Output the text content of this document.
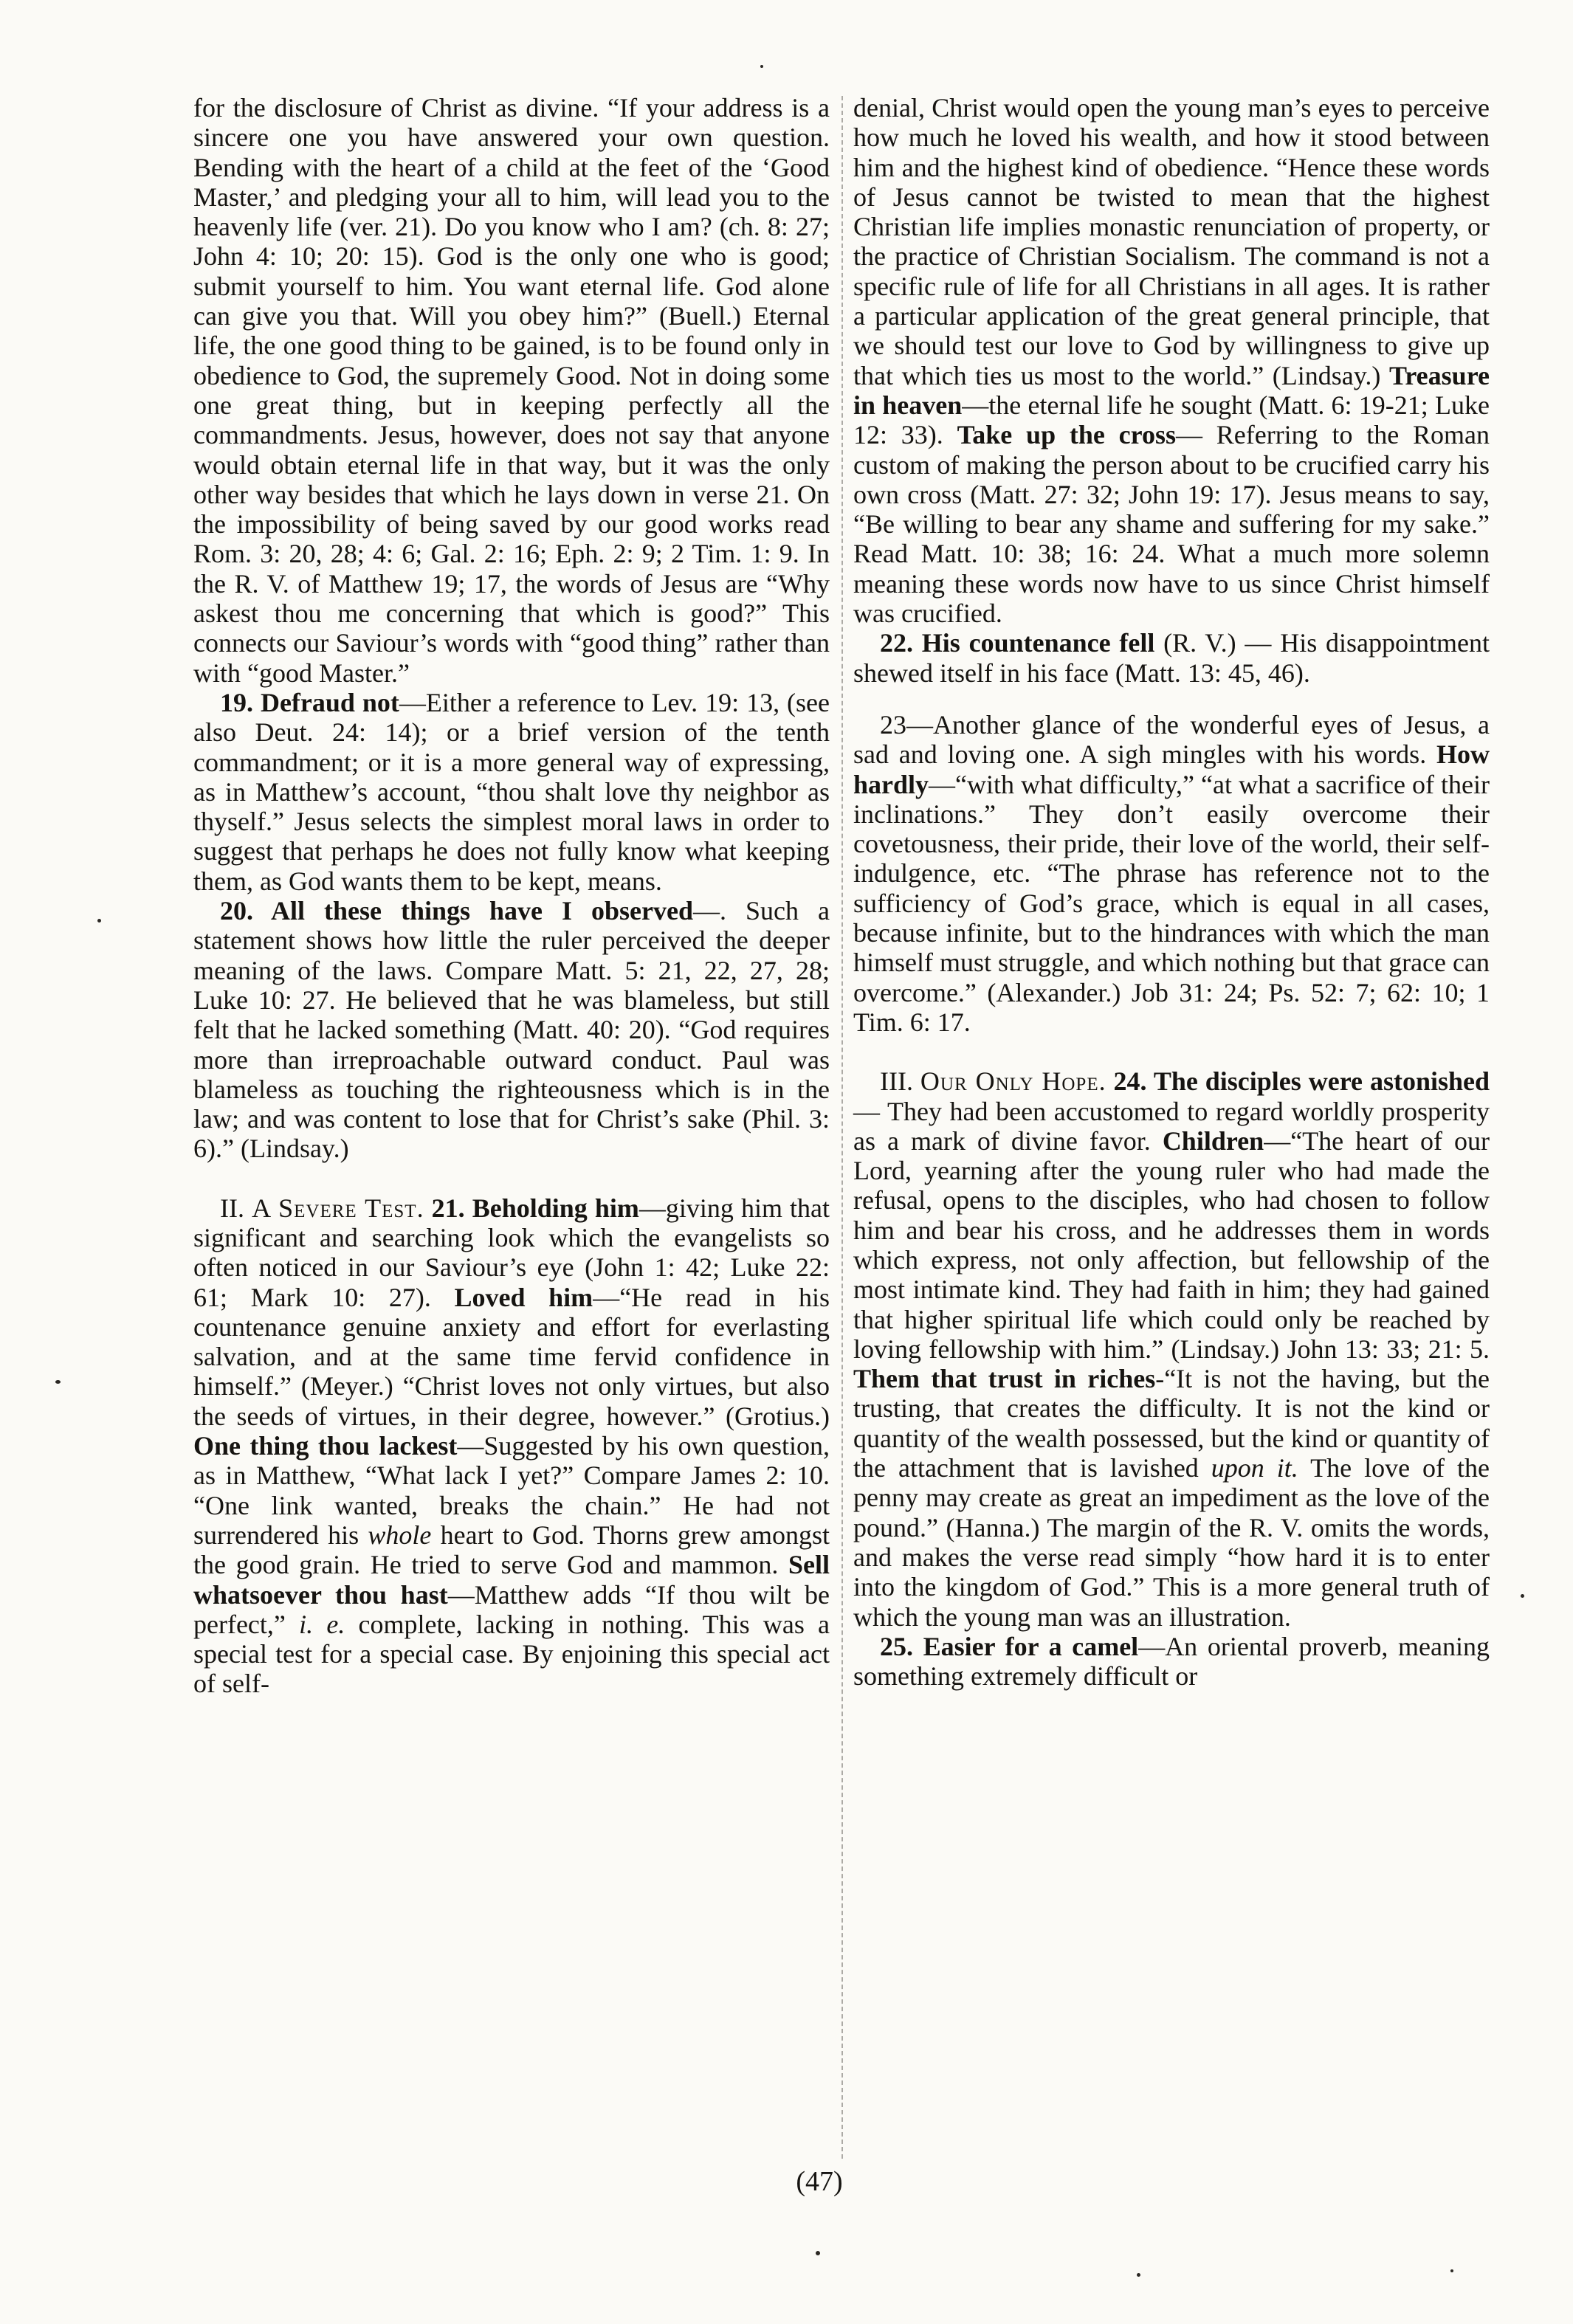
for the disclosure of Christ as divine. “If your address is a sincere one you have answered your own question. Bending with the heart of a child at the feet of the ‘Good Master,’ and pledging your all to him, will lead you to the heavenly life (ver. 21). Do you know who I am? (ch. 8: 27; John 4: 10; 20: 15). God is the only one who is good; submit yourself to him. You want eternal life. God alone can give you that. Will you obey him?” (Buell.) Eternal life, the one good thing to be gained, is to be found only in obedience to God, the supremely Good. Not in doing some one great thing, but in keeping perfectly all the commandments. Jesus, however, does not say that anyone would obtain eternal life in that way, but it was the only other way besides that which he lays down in verse 21. On the impossibility of being saved by our good works read Rom. 3: 20, 28; 4: 6; Gal. 2: 16; Eph. 2: 9; 2 Tim. 1: 9. In the R. V. of Matthew 19; 17, the words of Jesus are “Why askest thou me concerning that which is good?” This connects our Saviour’s words with “good thing” rather than with “good Master.”

19. Defraud not—Either a reference to Lev. 19: 13, (see also Deut. 24: 14); or a brief version of the tenth commandment; or it is a more general way of expressing, as in Matthew’s account, “thou shalt love thy neighbor as thyself.” Jesus selects the simplest moral laws in order to suggest that perhaps he does not fully know what keeping them, as God wants them to be kept, means.

20. All these things have I observed—. Such a statement shows how little the ruler perceived the deeper meaning of the laws. Compare Matt. 5: 21, 22, 27, 28; Luke 10: 27. He believed that he was blameless, but still felt that he lacked something (Matt. 40: 20). “God requires more than irreproachable outward conduct. Paul was blameless as touching the righteousness which is in the law; and was content to lose that for Christ’s sake (Phil. 3: 6).” (Lindsay.)

II. A Severe Test. 21. Beholding him—giving him that significant and searching look which the evangelists so often noticed in our Saviour’s eye (John 1: 42; Luke 22: 61; Mark 10: 27). Loved him—“He read in his countenance genuine anxiety and effort for everlasting salvation, and at the same time fervid confidence in himself.” (Meyer.) “Christ loves not only virtues, but also the seeds of virtues, in their degree, however.” (Grotius.) One thing thou lackest—Suggested by his own question, as in Matthew, “What lack I yet?” Compare James 2: 10. “One link wanted, breaks the chain.” He had not surrendered his whole heart to God. Thorns grew amongst the good grain. He tried to serve God and mammon. Sell whatsoever thou hast—Matthew adds “If thou wilt be perfect,” i. e. complete, lacking in nothing. This was a special test for a special case. By enjoining this special act of self-

denial, Christ would open the young man’s eyes to perceive how much he loved his wealth, and how it stood between him and the highest kind of obedience. “Hence these words of Jesus cannot be twisted to mean that the highest Christian life implies monastic renunciation of property, or the practice of Christian Socialism. The command is not a specific rule of life for all Christians in all ages. It is rather a particular application of the great general principle, that we should test our love to God by willingness to give up that which ties us most to the world.” (Lindsay.) Treasure in heaven—the eternal life he sought (Matt. 6: 19-21; Luke 12: 33). Take up the cross— Referring to the Roman custom of making the person about to be crucified carry his own cross (Matt. 27: 32; John 19: 17). Jesus means to say, “Be willing to bear any shame and suffering for my sake.” Read Matt. 10: 38; 16: 24. What a much more solemn meaning these words now have to us since Christ himself was crucified.

22. His countenance fell (R. V.) — His disappointment shewed itself in his face (Matt. 13: 45, 46).

23—Another glance of the wonderful eyes of Jesus, a sad and loving one. A sigh mingles with his words. How hardly—“with what difficulty,” “at what a sacrifice of their inclinations.” They don’t easily overcome their covetousness, their pride, their love of the world, their self-indulgence, etc. “The phrase has reference not to the sufficiency of God’s grace, which is equal in all cases, because infinite, but to the hindrances with which the man himself must struggle, and which nothing but that grace can overcome.” (Alexander.) Job 31: 24; Ps. 52: 7; 62: 10; 1 Tim. 6: 17.

III. Our Only Hope. 24. The disciples were astonished — They had been accustomed to regard worldly prosperity as a mark of divine favor. Children—“The heart of our Lord, yearning after the young ruler who had made the refusal, opens to the disciples, who had chosen to follow him and bear his cross, and he addresses them in words which express, not only affection, but fellowship of the most intimate kind. They had faith in him; they had gained that higher spiritual life which could only be reached by loving fellowship with him.” (Lindsay.) John 13: 33; 21: 5. Them that trust in riches-“It is not the having, but the trusting, that creates the difficulty. It is not the kind or quantity of the wealth possessed, but the kind or quantity of the attachment that is lavished upon it. The love of the penny may create as great an impediment as the love of the pound.” (Hanna.) The margin of the R. V. omits the words, and makes the verse read simply “how hard it is to enter into the kingdom of God.” This is a more general truth of which the young man was an illustration.

25. Easier for a camel—An oriental proverb, meaning something extremely difficult or

(47)
